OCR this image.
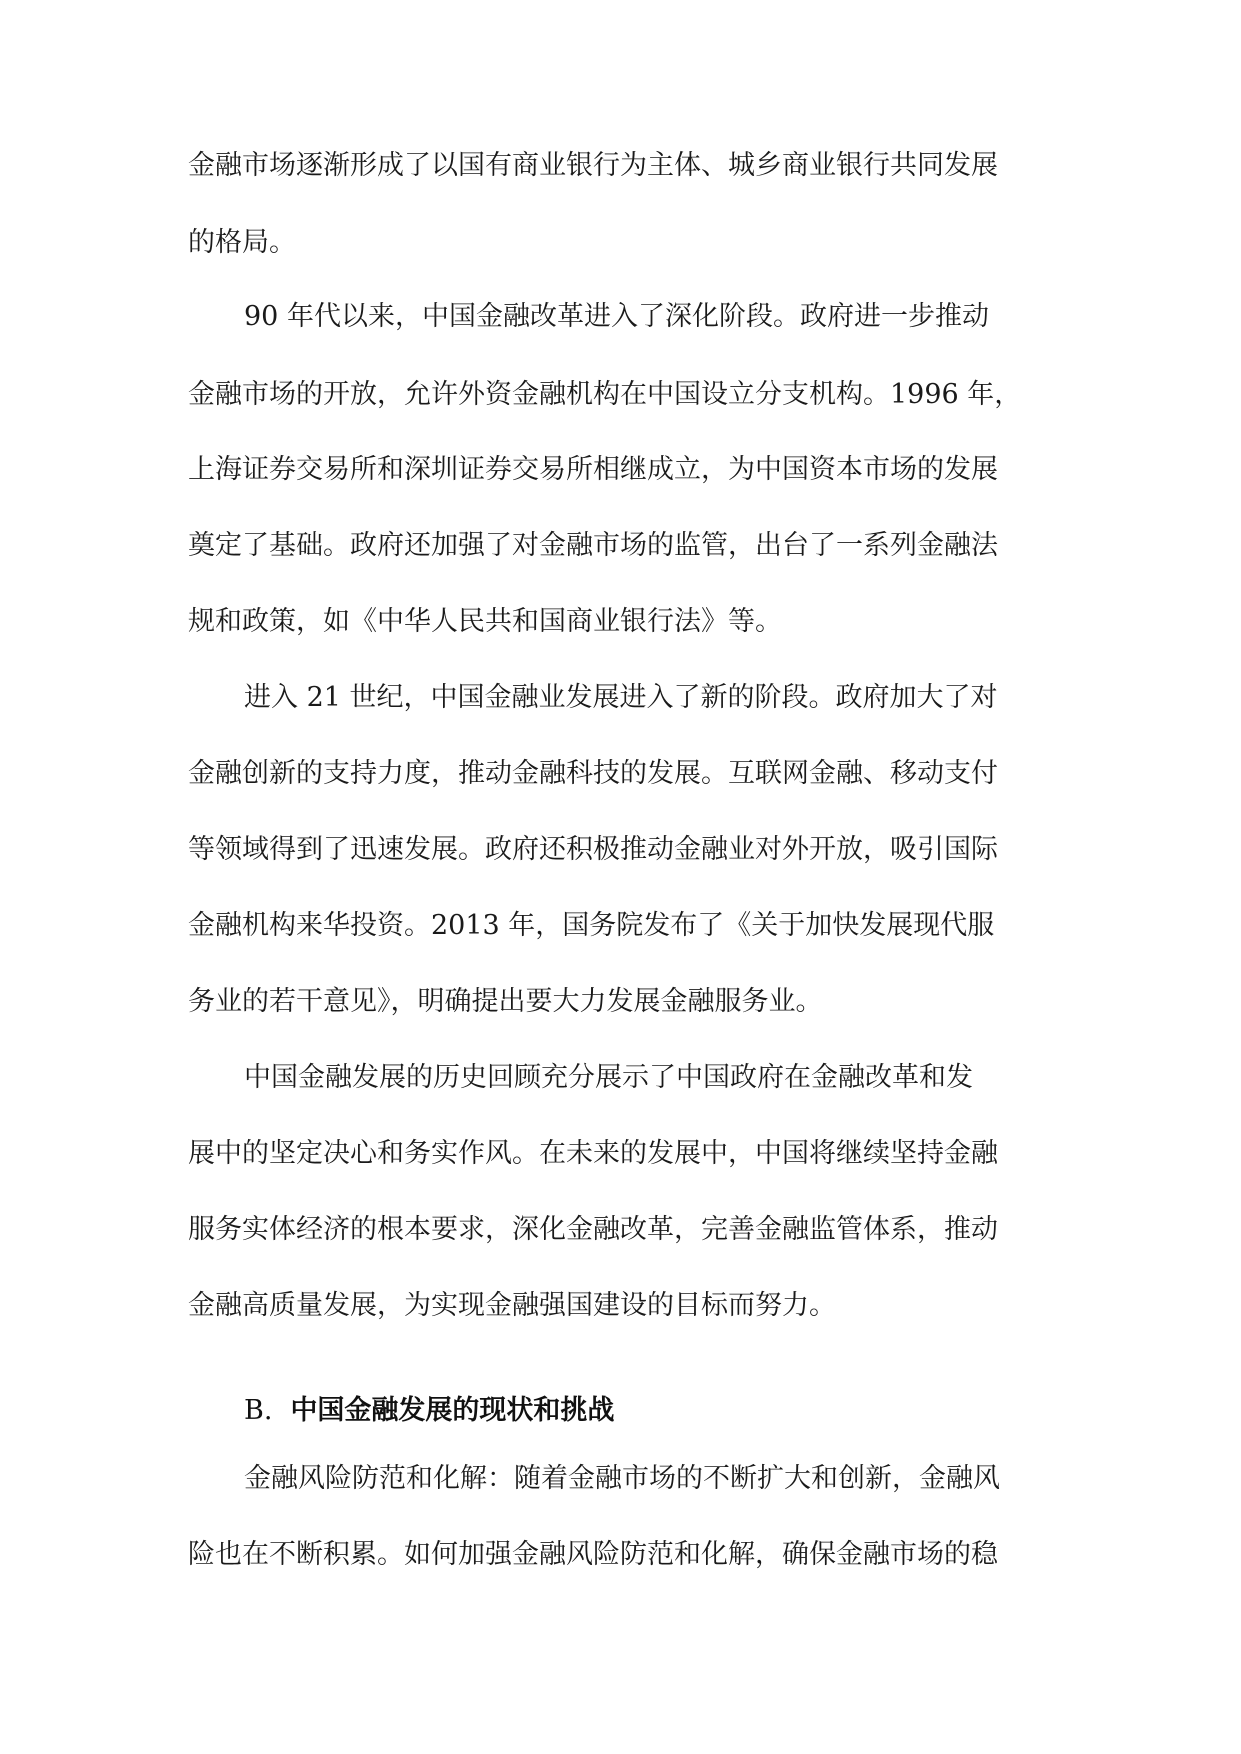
金融市场逐渐形成了以国有商业银行为主体、城乡商业银行共同发展
的格局。
90 年代以来，中国金融改革进入了深化阶段。政府进一步推动
金融市场的开放，允许外资金融机构在中国设立分支机构。1996 年，
上海证券交易所和深圳证券交易所相继成立，为中国资本市场的发展
奠定了基础。政府还加强了对金融市场的监管，出台了一系列金融法
规和政策，如《中华人民共和国商业银行法》等。
进入 21 世纪，中国金融业发展进入了新的阶段。政府加大了对
金融创新的支持力度，推动金融科技的发展。互联网金融、移动支付
等领域得到了迅速发展。政府还积极推动金融业对外开放，吸引国际
金融机构来华投资。2013 年，国务院发布了《关于加快发展现代服
务业的若干意见》，明确提出要大力发展金融服务业。
中国金融发展的历史回顾充分展示了中国政府在金融改革和发
展中的坚定决心和务实作风。在未来的发展中，中国将继续坚持金融
服务实体经济的根本要求，深化金融改革，完善金融监管体系，推动
金融高质量发展，为实现金融强国建设的目标而努力。
B. 中国金融发展的现状和挑战
金融风险防范和化解：随着金融市场的不断扩大和创新，金融风
险也在不断积累。如何加强金融风险防范和化解，确保金融市场的稳
